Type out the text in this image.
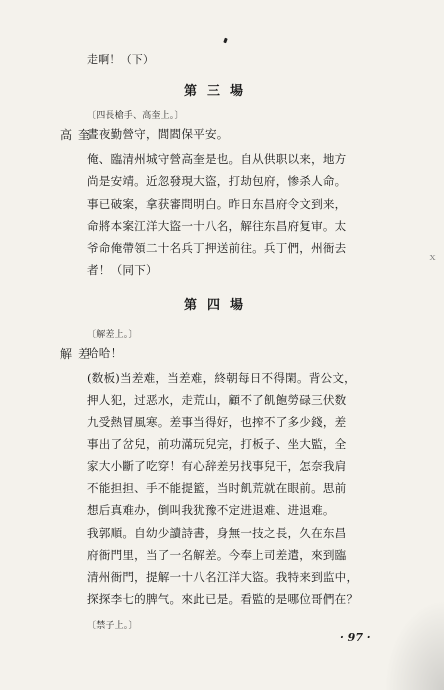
走啊！（下）
第三場
〔四長槍手、高奎上。〕
高奎
晝夜勤營守，閭閻保平安。
俺、臨清州城守營高奎是也。自从供职以来，地方
尚是安靖。近忽發現大盜，打劫包府，惨杀人命。
事已破案，拿获審問明白。昨日东昌府令文到来，
命將本案江洋大盜一十八名，解往东昌府复审。太
爷命俺帶領二十名兵丁押送前往。兵丁們，州衙去
者！（同下）
ｘ
第四場
〔解差上。〕
解差
哈哈！
(数板)当差难，当差难，終朝每日不得閑。背公文，
押人犯，过恶水，走荒山，顧不了飢飽勞碌三伏数
九受熱冒風寒。差事当得好，也搾不了多少錢，差
事出了岔兒，前功滿玩兒完，打板子、坐大監，全
家大小斷了吃穿！有心辞差另找事兒干，怎奈我肩
不能担担、手不能提籃，当时飢荒就在眼前。思前
想后真难办，倒叫我犹豫不定进退难、进退难。
我郭順。自幼少讀詩書，身無一技之長，久在东昌
府衙門里，当了一名解差。今奉上司差遣，來到臨
清州衙門，提解一十八名江洋大盜。我特来到监中，
探探李七的脾气。來此已是。看監的是哪位哥們在？
〔禁子上。〕
· 97 ·
